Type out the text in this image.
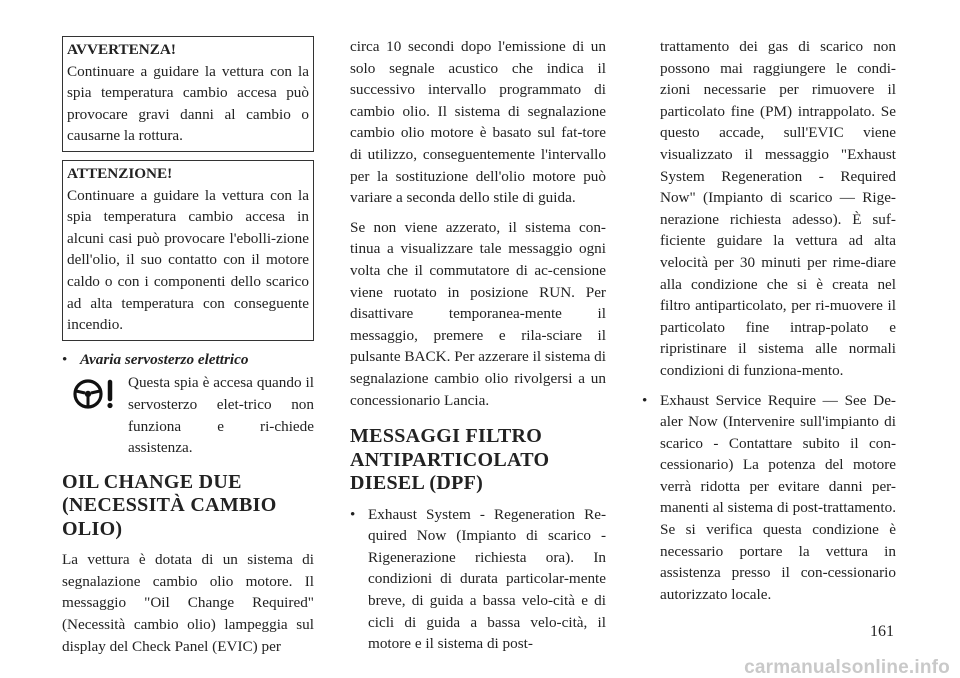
AVVERTENZA!

Continuare a guidare la vettura con la spia temperatura cambio accesa può provocare gravi danni al cambio o causarne la rottura.

ATTENZIONE!

Continuare a guidare la vettura con la spia temperatura cambio accesa in alcuni casi può provocare l'ebolli-zione dell'olio, il suo contatto con il motore caldo o con i componenti dello scarico ad alta temperatura con conseguente incendio.

• Avaria servosterzo elettrico

Questa spia è accesa quando il servosterzo elet-trico non funziona e ri-chiede assistenza.

OIL CHANGE DUE (NECESSITÀ CAMBIO OLIO)

La vettura è dotata di un sistema di segnalazione cambio olio motore. Il messaggio "Oil Change Required" (Necessità cambio olio) lampeggia sul display del Check Panel (EVIC) per

circa 10 secondi dopo l'emissione di un solo segnale acustico che indica il successivo intervallo programmato di cambio olio. Il sistema di segnalazione cambio olio motore è basato sul fat-tore di utilizzo, conseguentemente l'intervallo per la sostituzione dell'olio motore può variare a seconda dello stile di guida.

Se non viene azzerato, il sistema con-tinua a visualizzare tale messaggio ogni volta che il commutatore di ac-censione viene ruotato in posizione RUN. Per disattivare temporanea-mente il messaggio, premere e rila-sciare il pulsante BACK. Per azzerare il sistema di segnalazione cambio olio rivolgersi a un concessionario Lancia.

MESSAGGI FILTRO ANTIPARTICOLATO DIESEL (DPF)
• Exhaust System - Regeneration Re-quired Now (Impianto di scarico - Rigenerazione richiesta ora). In condizioni di durata particolar-mente breve, di guida a bassa velo-cità e di cicli di guida a bassa velo-cità, il motore e il sistema di post-

trattamento dei gas di scarico non possono mai raggiungere le condi-zioni necessarie per rimuovere il particolato fine (PM) intrappolato. Se questo accade, sull'EVIC viene visualizzato il messaggio "Exhaust System Regeneration - Required Now" (Impianto di scarico — Rige-nerazione richiesta adesso). È suf-ficiente guidare la vettura ad alta velocità per 30 minuti per rime-diare alla condizione che si è creata nel filtro antiparticolato, per ri-muovere il particolato fine intrap-polato e ripristinare il sistema alle normali condizioni di funziona-mento.

• Exhaust Service Require — See De-aler Now (Intervenire sull'impianto di scarico - Contattare subito il con-cessionario) La potenza del motore verrà ridotta per evitare danni per-manenti al sistema di post-trattamento. Se si verifica questa condizione è necessario portare la vettura in assistenza presso il con-cessionario autorizzato locale.

161
carmanualsonline.info
